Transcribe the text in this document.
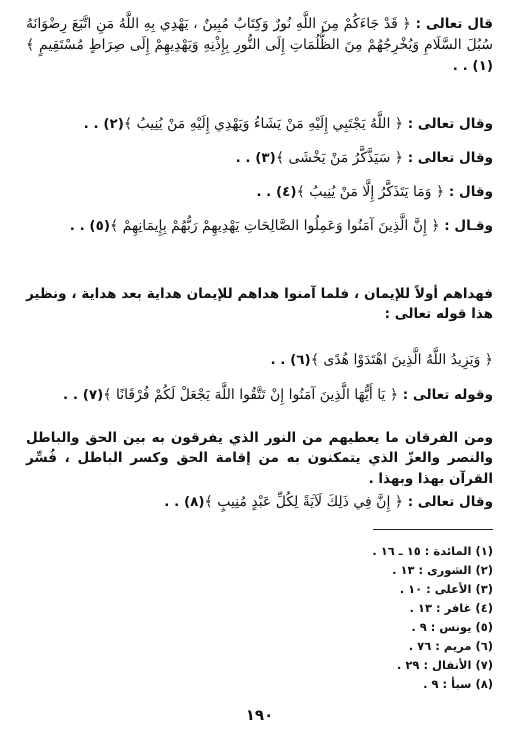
قال تعالى : ﴿ قَدْ جَاءَكُمْ مِنَ اللَّهِ نُورٌ وَكِتَابٌ مُبِينٌ ، يَهْدِي بِهِ اللَّهُ مَنِ اتَّبَعَ رِضْوَانَهُ سُبُلَ السَّلَامِ وَيُخْرِجُهُمْ مِنَ الظُّلُمَاتِ إِلَى النُّورِ بِإِذْنِهِ وَيَهْدِيهِمْ إِلَى صِرَاطٍ مُسْتَقِيمٍ ﴾(١) . .

وقال تعالى : ﴿ اللَّهُ يَجْتَبِي إِلَيْهِ مَنْ يَشَاءُ وَيَهْدِي إِلَيْهِ مَنْ يُنِيبُ ﴾(٢) . .

وقال تعالى : ﴿ سَيَذَّكَّرُ مَنْ يَخْشَى ﴾(٣) . .

وقال : ﴿ وَمَا يَتَذَكَّرُ إِلَّا مَنْ يُنِيبُ ﴾(٤) . .

وقـال : ﴿ إِنَّ الَّذِينَ آمَنُوا وَعَمِلُوا الصَّالِحَاتِ يَهْدِيهِمْ رَبُّهُمْ بِإِيمَانِهِمْ ﴾(٥) . .

فهداهم أولاً للإيمان ، فلما آمنوا هداهم للإيمان هداية بعد هداية ، ونظير هذا قوله تعالى :

﴿ وَيَزِيدُ اللَّهُ الَّذِينَ اهْتَدَوْا هُدًى ﴾(٦) . .

وقوله تعالى : ﴿ يَا أَيُّهَا الَّذِينَ آمَنُوا إِنْ تَتَّقُوا اللَّهَ يَجْعَلْ لَكُمْ فُرْقَانًا ﴾(٧) . .

ومن الفرقان ما يعطيهم من النور الذي يفرقون به بين الحق والباطل والنصر والعزّ الذي يتمكنون به من إقامة الحق وكسر الباطل ، فُسِّر القرآن بهذا وبهذا .

وقال تعالى : ﴿ إِنَّ فِي ذَلِكَ لَآيَةً لِكُلِّ عَبْدٍ مُنِيبٍ ﴾(٨) . .

(١) المائدة : ١٥ ـ ١٦ .

(٢) الشورى : ١٣ .

(٣) الأعلى : ١٠ .

(٤) غافر : ١٣ .

(٥) يونس : ٩ .

(٦) مريم : ٧٦ .

(٧) الأنفال : ٢٩ .

(٨) سبأ : ٩ .

١٩٠
